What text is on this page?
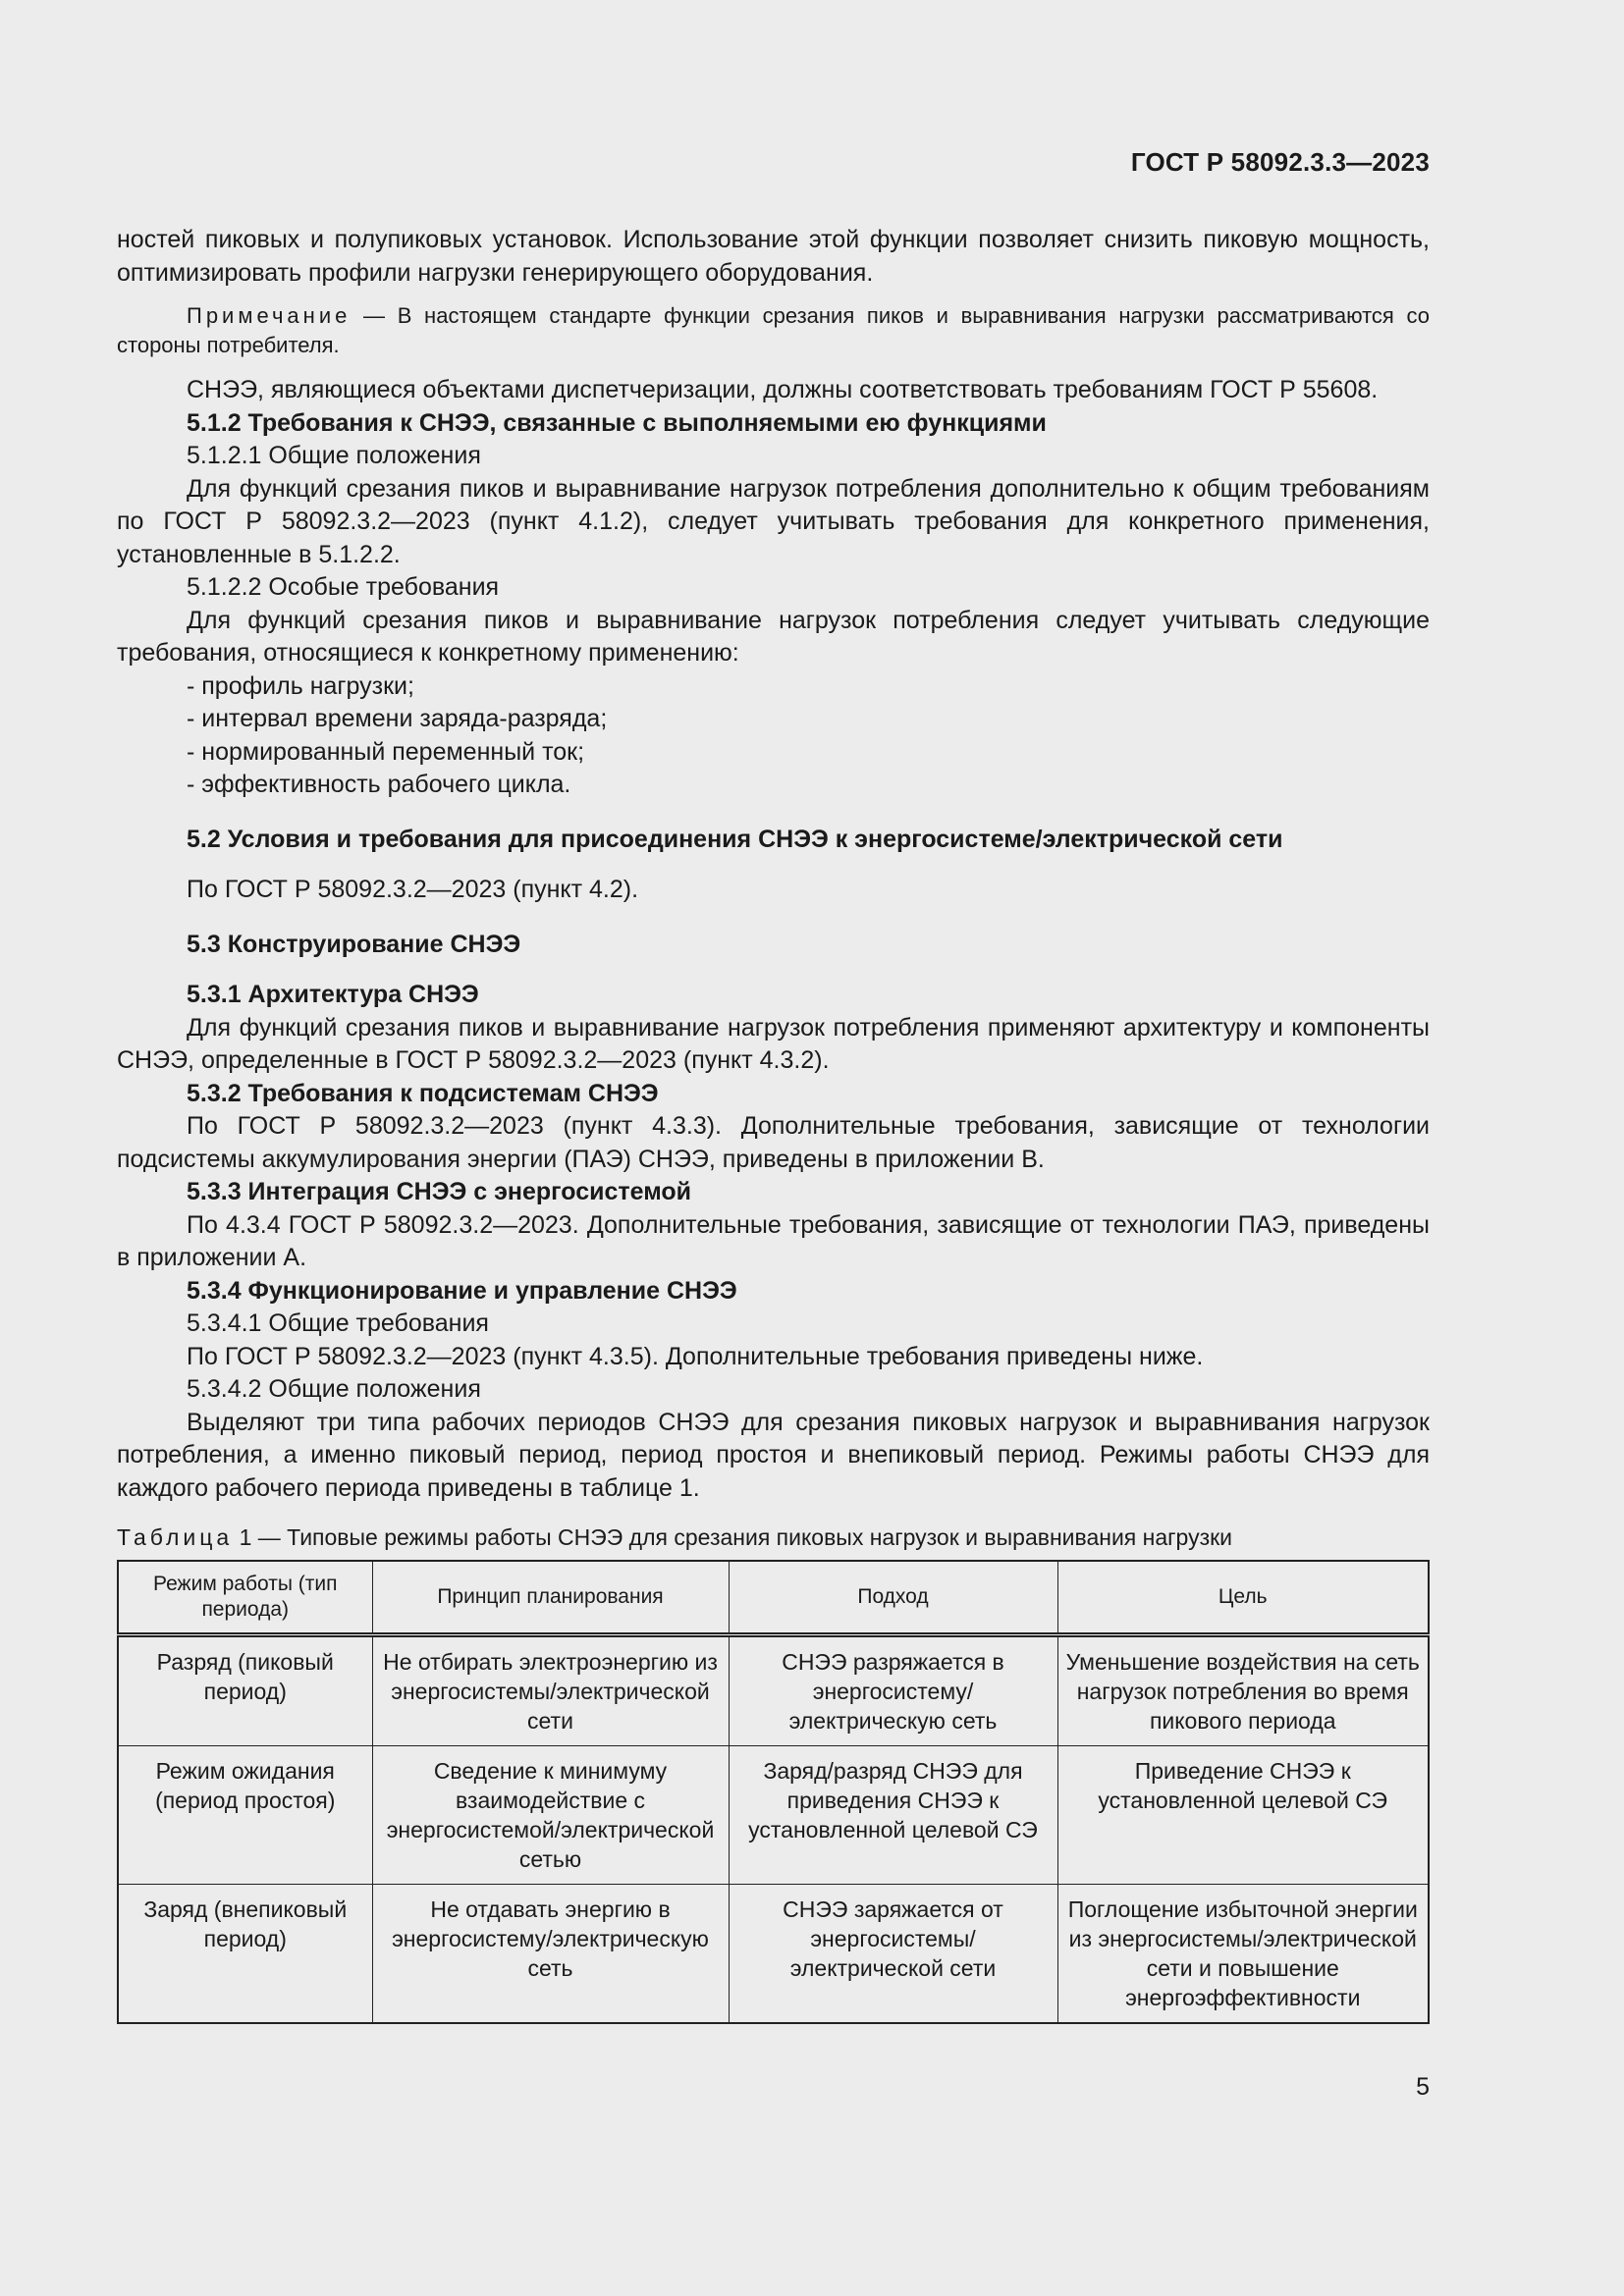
ГОСТ Р 58092.3.3—2023

ностей пиковых и полупиковых установок. Использование этой функции позволяет снизить пиковую мощность, оптимизировать профили нагрузки генерирующего оборудования.

Примечание — В настоящем стандарте функции срезания пиков и выравнивания нагрузки рассматриваются со стороны потребителя.

СНЭЭ, являющиеся объектами диспетчеризации, должны соответствовать требованиям ГОСТ Р 55608.

5.1.2 Требования к СНЭЭ, связанные с выполняемыми ею функциями

5.1.2.1 Общие положения

Для функций срезания пиков и выравнивание нагрузок потребления дополнительно к общим требованиям по ГОСТ Р 58092.3.2—2023 (пункт 4.1.2), следует учитывать требования для конкретного применения, установленные в 5.1.2.2.

5.1.2.2 Особые требования

Для функций срезания пиков и выравнивание нагрузок потребления следует учитывать следующие требования, относящиеся к конкретному применению:

- профиль нагрузки;

- интервал времени заряда-разряда;

- нормированный переменный ток;

- эффективность рабочего цикла.

5.2 Условия и требования для присоединения СНЭЭ к энергосистеме/электрической сети

По ГОСТ Р 58092.3.2—2023 (пункт 4.2).

5.3 Конструирование СНЭЭ

5.3.1 Архитектура СНЭЭ

Для функций срезания пиков и выравнивание нагрузок потребления применяют архитектуру и компоненты СНЭЭ, определенные в ГОСТ Р 58092.3.2—2023 (пункт 4.3.2).

5.3.2 Требования к подсистемам СНЭЭ

По ГОСТ Р 58092.3.2—2023 (пункт 4.3.3). Дополнительные требования, зависящие от технологии подсистемы аккумулирования энергии (ПАЭ) СНЭЭ, приведены в приложении В.

5.3.3 Интеграция СНЭЭ с энергосистемой

По 4.3.4 ГОСТ Р 58092.3.2—2023. Дополнительные требования, зависящие от технологии ПАЭ, приведены в приложении А.

5.3.4 Функционирование и управление СНЭЭ

5.3.4.1 Общие требования

По ГОСТ Р 58092.3.2—2023 (пункт 4.3.5). Дополнительные требования приведены ниже.

5.3.4.2 Общие положения

Выделяют три типа рабочих периодов СНЭЭ для срезания пиковых нагрузок и выравнивания нагрузок потребления, а именно пиковый период, период простоя и внепиковый период. Режимы работы СНЭЭ для каждого рабочего периода приведены в таблице 1.

Таблица 1 — Типовые режимы работы СНЭЭ для срезания пиковых нагрузок и выравнивания нагрузки

Режим работы (тип периода)	Принцип планирования	Подход	Цель
Разряд (пиковый период)	Не отбирать электроэнергию из энергосистемы/электрической сети	СНЭЭ разряжается в энергосистему/электрическую сеть	Уменьшение воздействия на сеть нагрузок потребления во время пикового периода
Режим ожидания (период простоя)	Сведение к минимуму взаимодействие с энергосистемой/электрической сетью	Заряд/разряд СНЭЭ для приведения СНЭЭ к установленной целевой СЭ	Приведение СНЭЭ к установленной целевой СЭ
Заряд (внепиковый период)	Не отдавать энергию в энергосистему/электрическую сеть	СНЭЭ заряжается от энергосистемы/электрической сети	Поглощение избыточной энергии из энергосистемы/электрической сети и повышение энергоэффективности
5
